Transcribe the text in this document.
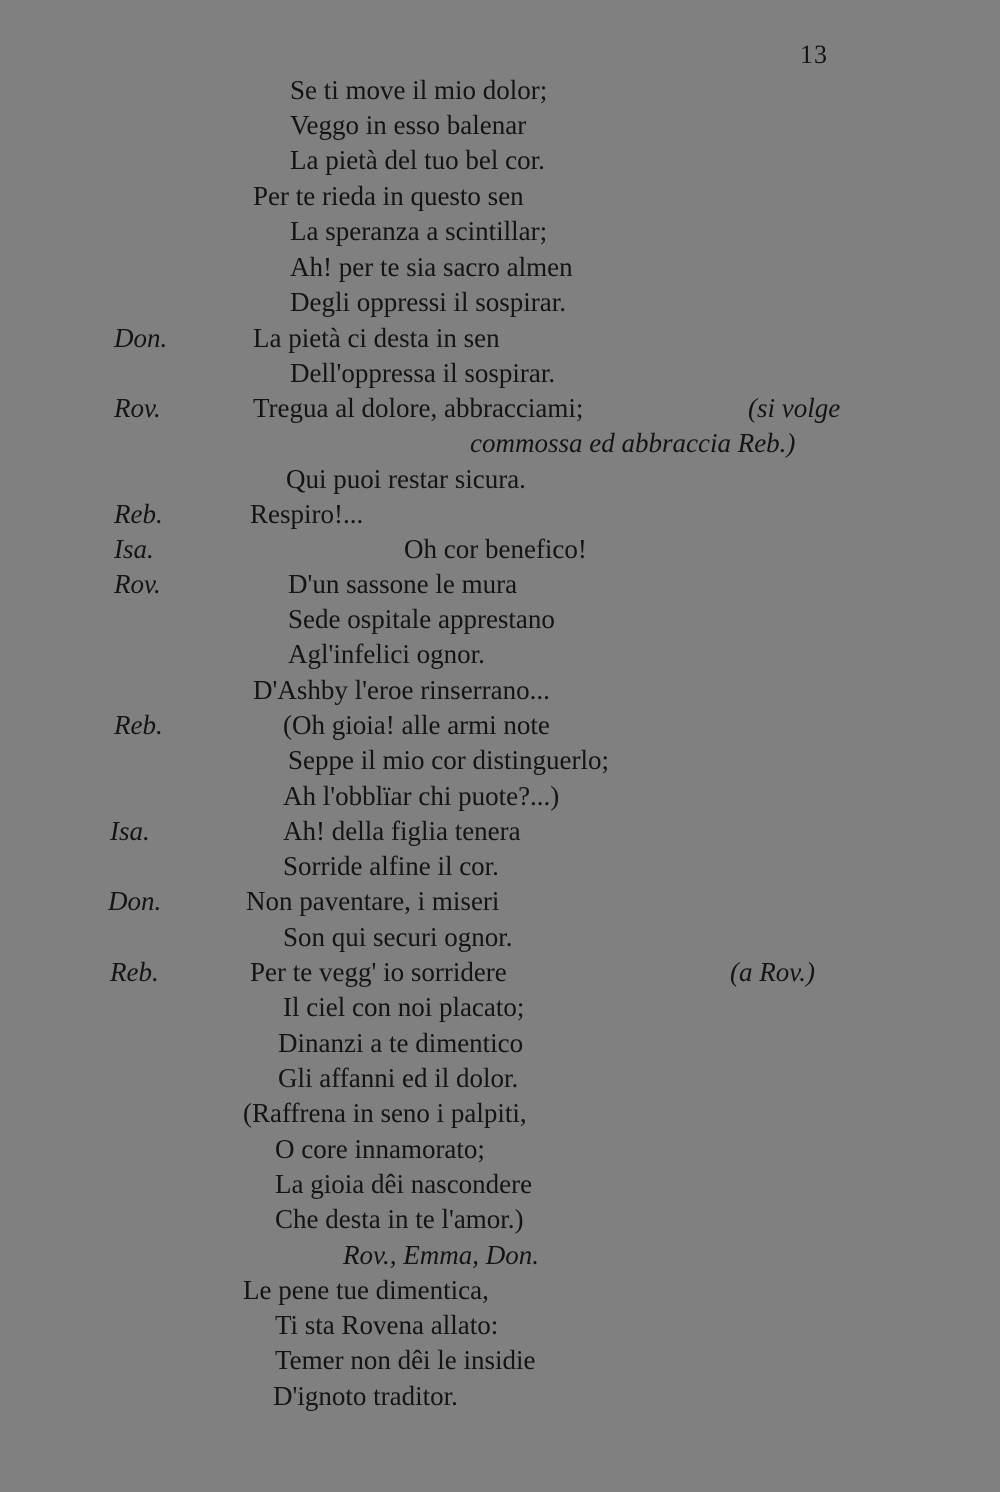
13
Se ti move il mio dolor;
Veggo in esso balenar
La pietà del tuo bel cor.
Per te rieda in questo sen
La speranza a scintillar;
Ah! per te sia sacro almen
Degli oppressi il sospirar.
Don.	La pietà ci desta in sen
Dell'oppressa il sospirar.
Rov.	Tregua al dolore, abbracciami;	(si volge
commossa ed abbraccia Reb.)
Qui puoi restar sicura.
Reb.	Respiro!...
Isa.	Oh cor benefico!
Rov.	D'un sassone le mura
Sede ospitale apprestano
Agl'infelici ognor.
D'Ashby l'eroe rinserrano...
Reb.	(Oh gioia! alle armi note
Seppe il mio cor distinguerlo;
Ah l'obblïar chi puote?...)
Isa.	Ah! della figlia tenera
Sorride alfine il cor.
Don.	Non paventare, i miseri
Son qui securi ognor.
Reb.	Per te vegg' io sorridere	(a Rov.)
Il ciel con noi placato;
Dinanzi a te dimentico
Gli affanni ed il dolor.
(Raffrena in seno i palpiti,
O core innamorato;
La gioia dêi nascondere
Che desta in te l'amor.)
Rov., Emma, Don.
Le pene tue dimentica,
Ti sta Rovena allato:
Temer non dêi le insidie
D'ignoto traditor.
